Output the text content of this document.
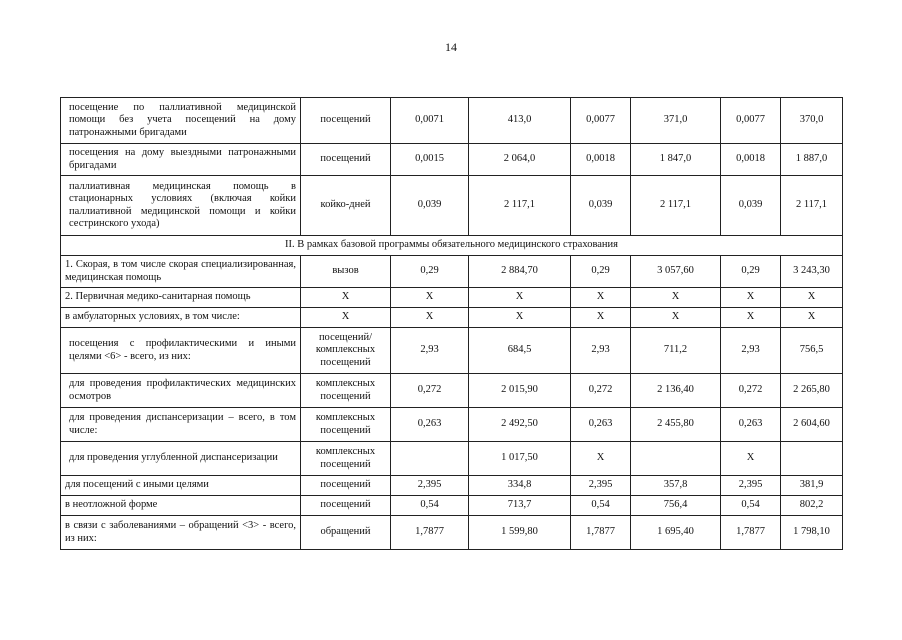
14
посещение по паллиативной медицинской помощи без учета посещений на дому патронажными бригадами	посещений	0,0071	413,0	0,0077	371,0	0,0077	370,0
посещения на дому выездными патронажными бригадами	посещений	0,0015	2 064,0	0,0018	1 847,0	0,0018	1 887,0
паллиативная медицинская помощь в стационарных условиях (включая койки паллиативной медицинской помощи и койки сестринского ухода)	койко-дней	0,039	2 117,1	0,039	2 117,1	0,039	2 117,1
II. В рамках базовой программы обязательного медицинского страхования							
1. Скорая, в том числе скорая специализированная, медицинская помощь	вызов	0,29	2 884,70	0,29	3 057,60	0,29	3 243,30
2. Первичная медико-санитарная помощь	Х	Х	Х	Х	Х	Х	Х
в амбулаторных условиях, в том числе:	Х	Х	Х	Х	Х	Х	Х
посещения с профилактическими и иными целями <6> - всего, из них:	посещений/ комплексных посещений	2,93	684,5	2,93	711,2	2,93	756,5
для проведения профилактических медицинских осмотров	комплексных посещений	0,272	2 015,90	0,272	2 136,40	0,272	2 265,80
для проведения диспансеризации – всего, в том числе:	комплексных посещений	0,263	2 492,50	0,263	2 455,80	0,263	2 604,60
для проведения углубленной диспансеризации	комплексных посещений		1 017,50	Х		Х	
для посещений с иными целями	посещений	2,395	334,8	2,395	357,8	2,395	381,9
в неотложной форме	посещений	0,54	713,7	0,54	756,4	0,54	802,2
в связи с заболеваниями – обращений <3> - всего, из них:	обращений	1,7877	1 599,80	1,7877	1 695,40	1,7877	1 798,10
